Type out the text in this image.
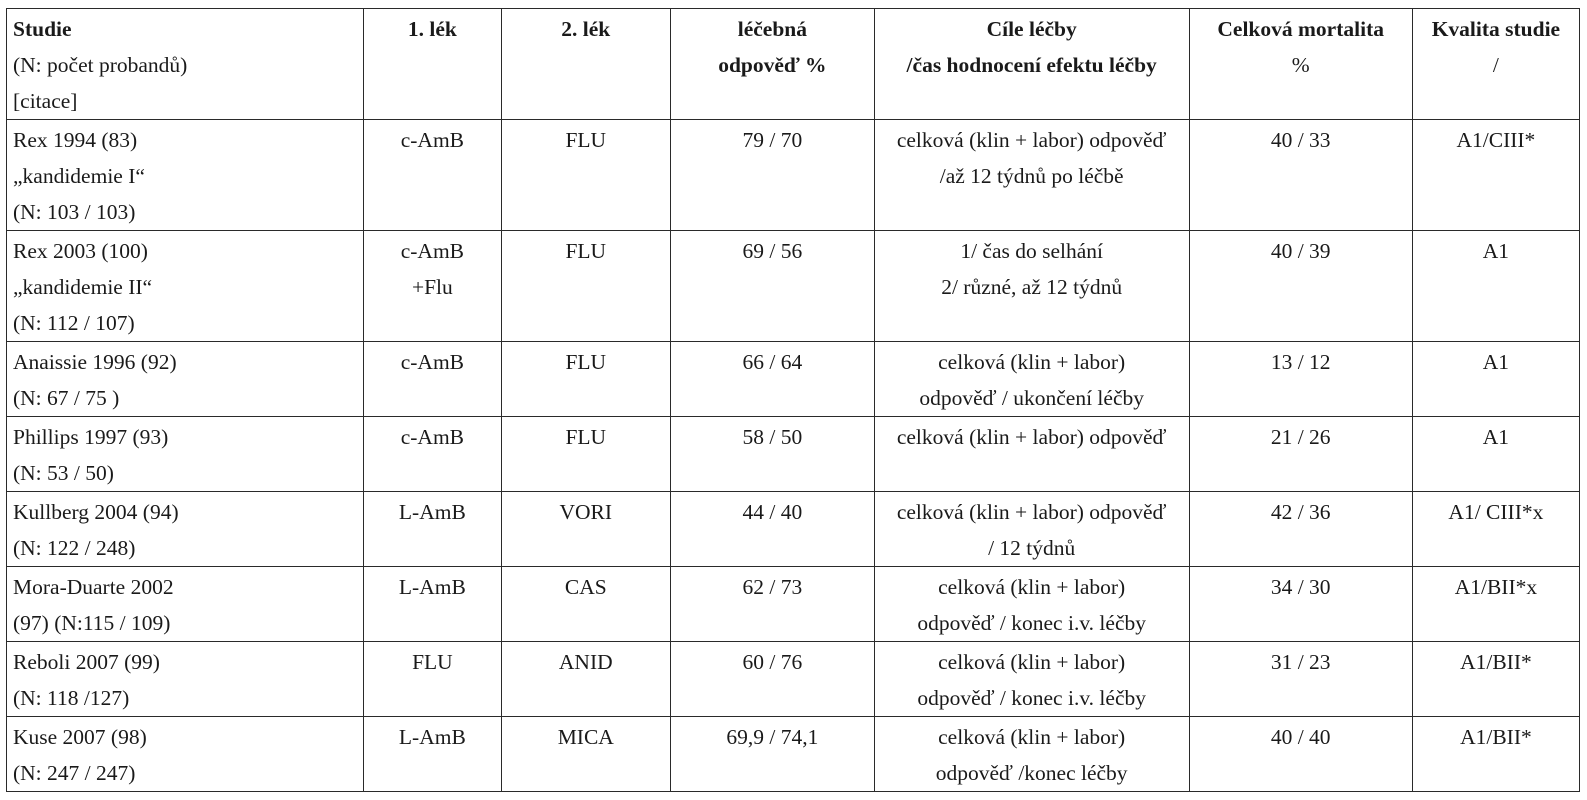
Studie
(N: počet probandů)
[citace]	1. lék	2. lék	léčebná
odpověď %	Cíle léčby
/čas hodnocení efektu léčby	Celková mortalita
%	Kvalita studie
/

Rex 1994 (83)
„kandidemie I“
(N: 103 / 103)	c-AmB	FLU	79 / 70	celková (klin + labor) odpověď
/až 12 týdnů po léčbě	40 / 33	A1/CIII*

Rex 2003 (100)
„kandidemie II“
(N: 112 / 107)	c-AmB
+Flu	FLU	69 / 56	1/ čas do selhání
2/ různé, až 12 týdnů	40 / 39	A1

Anaissie 1996 (92)
(N: 67 / 75 )	c-AmB	FLU	66 / 64	celková (klin + labor)
odpověď / ukončení léčby	13 / 12	A1

Phillips 1997 (93)
(N: 53 / 50)	c-AmB	FLU	58 / 50	celková (klin + labor) odpověď	21 / 26	A1

Kullberg 2004 (94)
(N: 122 / 248)	L-AmB	VORI	44 / 40	celková (klin + labor) odpověď
/ 12 týdnů	42 / 36	A1/ CIII*x

Mora-Duarte 2002
(97) (N:115 / 109)	L-AmB	CAS	62 / 73	celková (klin + labor)
odpověď / konec i.v. léčby	34 / 30	A1/BII*x

Reboli 2007 (99)
(N: 118 /127)	FLU	ANID	60 / 76	celková (klin + labor)
odpověď / konec i.v. léčby	31 / 23	A1/BII*

Kuse 2007 (98)
(N: 247 / 247)	L-AmB	MICA	69,9 / 74,1	celková (klin + labor)
odpověď /konec léčby	40 / 40	A1/BII*
